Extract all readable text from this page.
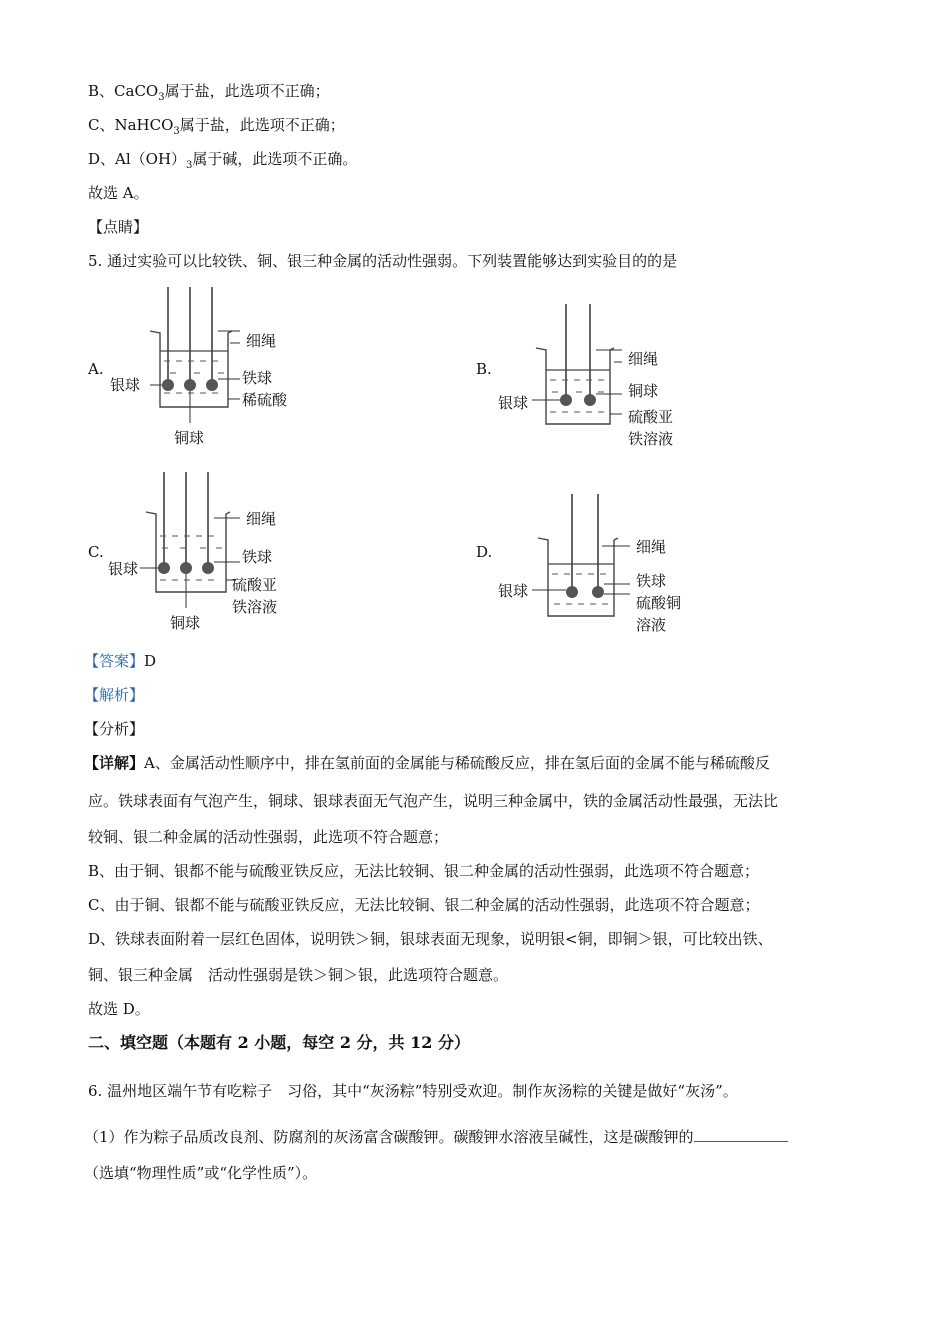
B、CaCO$_3$属于盐，此选项不正确；
C、NaHCO$_3$属于盐，此选项不正确；
D、$Al(OH)_3$属于碱，此选项不正确。
故选 A。
【点睛】
5. 通过实验可以比较铁、铜、银三种金属的活动性强弱。下列装置能够达到实验目的的是
A.
细绳
银球	铁球
稀硫酸
铜球
B.
细绳
银球
铜球
硫酸亚
铁溶液
C.
细绳
银球
铁球
硫酸亚
铁溶液
铜球
D.	细绳
银球
铁球
硫酸铜
溶液
【答案】D
【解析】
【分析】
【详解】A、金属活动性顺序中，排在氢前面的金属能与稀硫酸反应，排在氢后面的金属不能与稀硫酸反
应。铁球表面有气泡产生，铜球、银球表面无气泡产生，说明三种金属中，铁的金属活动性最强，无法比
较铜、银二种金属的活动性强弱，此选项不符合题意；
B、由于铜、银都不能与硫酸亚铁反应，无法比较铜、银二种金属的活动性强弱，此选项不符合题意；
C、由于铜、银都不能与硫酸亚铁反应，无法比较铜、银二种金属的活动性强弱，此选项不符合题意；
D、铁球表面附着一层红色固体，说明铁＞铜，银球表面无现象，说明银<铜，即铜＞银，可比较出铁、
铜、银三种金属　活动性强弱是铁＞铜＞银，此选项符合题意。
故选 D。
二、填空题（本题有 2 小题，每空 2 分，共 12 分）
6. 温州地区端午节有吃粽子　习俗，其中“灰汤粽”特别受欢迎。制作灰汤粽的关键是做好“灰汤”。
（1）作为粽子品质改良剂、防腐剂的灰汤富含碳酸钾。碳酸钾水溶液呈碱性，这是碳酸钾的
（选填“物理性质”或“化学性质”）。
